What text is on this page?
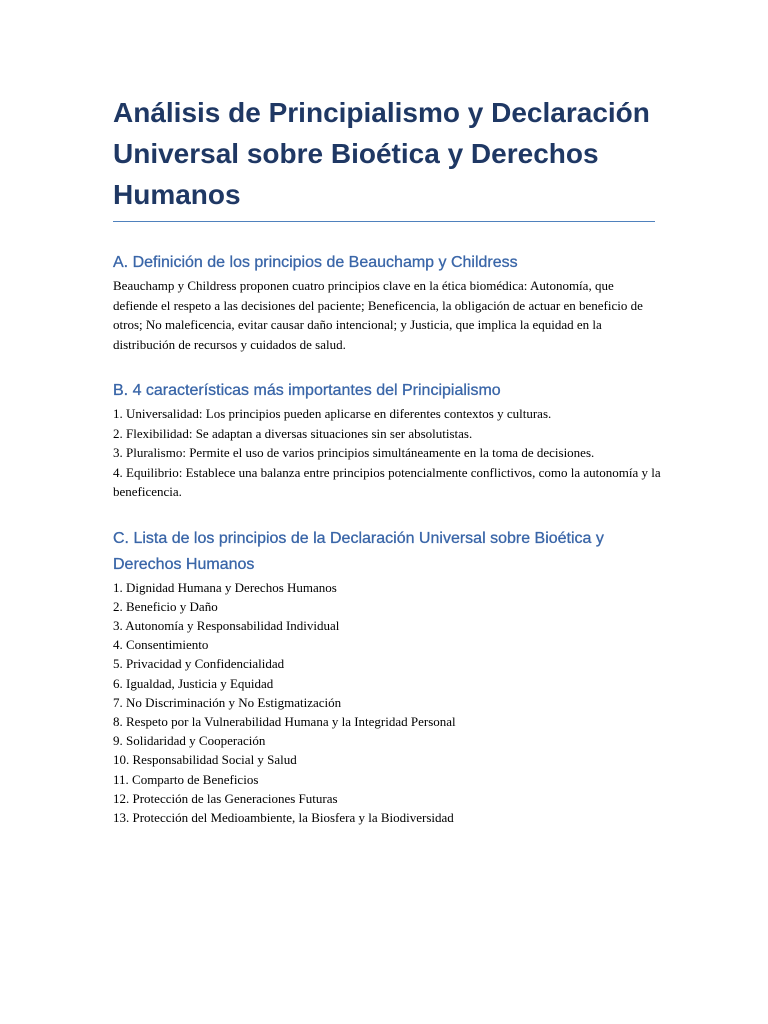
Análisis de Principialismo y Declaración Universal sobre Bioética y Derechos Humanos
A. Definición de los principios de Beauchamp y Childress

Beauchamp y Childress proponen cuatro principios clave en la ética biomédica: Autonomía, que defiende el respeto a las decisiones del paciente; Beneficencia, la obligación de actuar en beneficio de otros; No maleficencia, evitar causar daño intencional; y Justicia, que implica la equidad en la distribución de recursos y cuidados de salud.

B. 4 características más importantes del Principialismo
1. Universalidad: Los principios pueden aplicarse en diferentes contextos y culturas.
2. Flexibilidad: Se adaptan a diversas situaciones sin ser absolutistas.
3. Pluralismo: Permite el uso de varios principios simultáneamente en la toma de decisiones.
4. Equilibrio: Establece una balanza entre principios potencialmente conflictivos, como la autonomía y la beneficencia.
C. Lista de los principios de la Declaración Universal sobre Bioética y Derechos Humanos
1. Dignidad Humana y Derechos Humanos
2. Beneficio y Daño
3. Autonomía y Responsabilidad Individual
4. Consentimiento
5. Privacidad y Confidencialidad
6. Igualdad, Justicia y Equidad
7. No Discriminación y No Estigmatización
8. Respeto por la Vulnerabilidad Humana y la Integridad Personal
9. Solidaridad y Cooperación
10. Responsabilidad Social y Salud
11. Comparto de Beneficios
12. Protección de las Generaciones Futuras
13. Protección del Medioambiente, la Biosfera y la Biodiversidad
